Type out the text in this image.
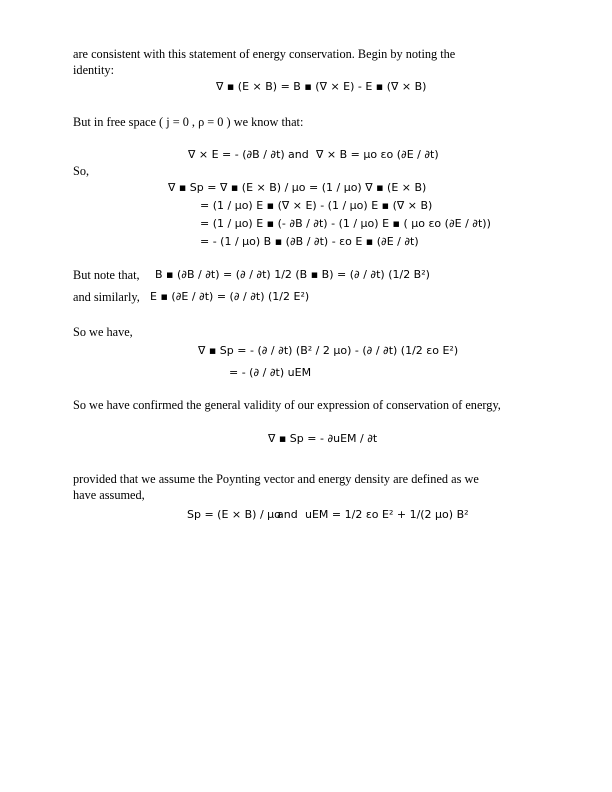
are consistent with this statement of energy conservation. Begin by noting the
identity:
∇ ▪ (E × B) = B ▪ (∇ × E) - E ▪ (∇ × B)
But in free space ( j = 0 , ρ = 0 ) we know that:
∇ × E = - (∂B / ∂t) and ∇ × B = μo εo (∂E / ∂t)
So,
∇ ▪ Sp = ∇ ▪ (E × B) / μo = (1 / μo) ∇ ▪ (E × B)
= (1 / μo) E ▪ (∇ × E) - (1 / μo) E ▪ (∇ × B)
= (1 / μo) E ▪ (- ∂B / ∂t) - (1 / μo) E ▪ ( μo εo (∂E / ∂t))
= - (1 / μo) B ▪ (∂B / ∂t) - εo E ▪ (∂E / ∂t)
But note that, B ▪ (∂B / ∂t) = (∂ / ∂t) 1/2 (B ▪ B) = (∂ / ∂t) (1/2 B²)
and similarly, E ▪ (∂E / ∂t) = (∂ / ∂t) (1/2 E²)
So we have,
∇ ▪ Sp = - (∂ / ∂t) (B² / 2 μo) - (∂ / ∂t) (1/2 εo E²)
= - (∂ / ∂t) uEM
So we have confirmed the general validity of our expression of conservation of energy,
∇ ▪ Sp = - ∂uEM / ∂t
provided that we assume the Poynting vector and energy density are defined as we
have assumed,
Sp = (E × B) / μo
and uEM = 1/2 εo E² + 1/(2 μo) B²
